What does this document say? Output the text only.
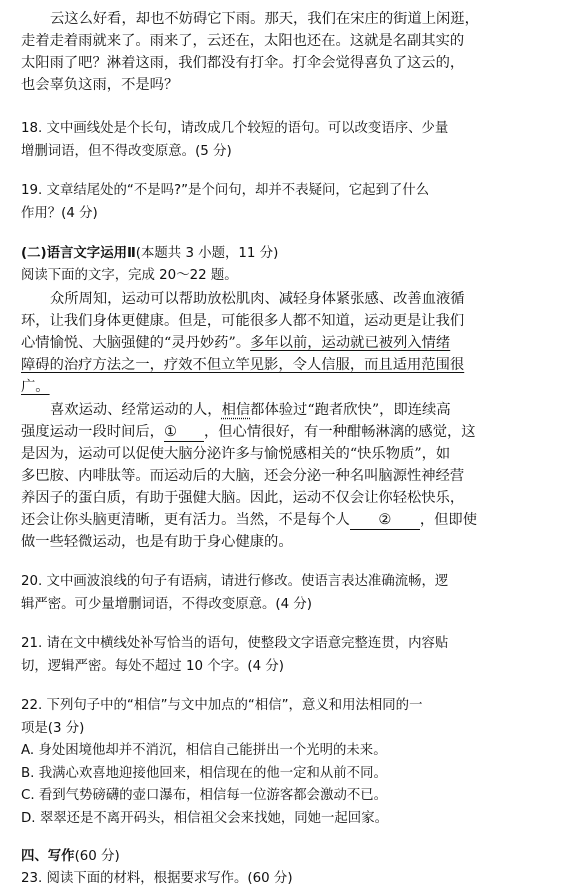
云这么好看，却也不妨碍它下雨。那天，我们在宋庄的街道上闲逛，
走着走着雨就来了。雨来了，云还在，太阳也还在。这就是名副其实的
太阳雨了吧？淋着这雨，我们都没有打伞。打伞会觉得喜负了这云的，
也会辜负这雨，不是吗？
18. 文中画线处是个长句，请改成几个较短的语句。可以改变语序、少量
增删词语，但不得改变原意。(5 分)
19. 文章结尾处的“不是吗?”是个问句，却并不表疑问，它起到了什么
作用？(4 分)
(二)语言文字运用Ⅱ(本题共 3 小题，11 分)
阅读下面的文字，完成 20～22 题。
众所周知，运动可以帮助放松肌肉、减轻身体紧张感、改善血液循
环，让我们身体更健康。但是，可能很多人都不知道，运动更是让我们
心情愉悦、大脑强健的“灵丹妙药”。多年以前，运动就已被列入情绪
障碍的治疗方法之一，疗效不但立竿见影，令人信服，而且适用范围很
广。
喜欢运动、经常运动的人，相信都体验过“跑者欣快”，即连续高
强度运动一段时间后，① ，但心情很好，有一种酣畅淋漓的感觉，这
是因为，运动可以促使大脑分泌许多与愉悦感相关的“快乐物质”，如
多巴胺、内啡肽等。而运动后的大脑，还会分泌一种名叫脑源性神经营
养因子的蛋白质，有助于强健大脑。因此，运动不仅会让你轻松快乐，
还会让你头脑更清晰，更有活力。当然，不是每个人 ② ，但即使
做一些轻微运动，也是有助于身心健康的。
20. 文中画波浪线的句子有语病，请进行修改。使语言表达准确流畅，逻
辑严密。可少量增删词语，不得改变原意。(4 分)
21. 请在文中横线处补写恰当的语句，使整段文字语意完整连贯，内容贴
切，逻辑严密。每处不超过 10 个字。(4 分)
22. 下列句子中的“相信”与文中加点的“相信”，意义和用法相同的一
项是(3 分)
A. 身处困境他却并不消沉，相信自己能拼出一个光明的未来。
B. 我满心欢喜地迎接他回来，相信现在的他一定和从前不同。
C. 看到气势磅礴的壶口瀑布，相信每一位游客都会激动不已。
D. 翠翠还是不离开码头，相信祖父会来找她，同她一起回家。
四、写作(60 分)
23. 阅读下面的材料，根据要求写作。(60 分)
